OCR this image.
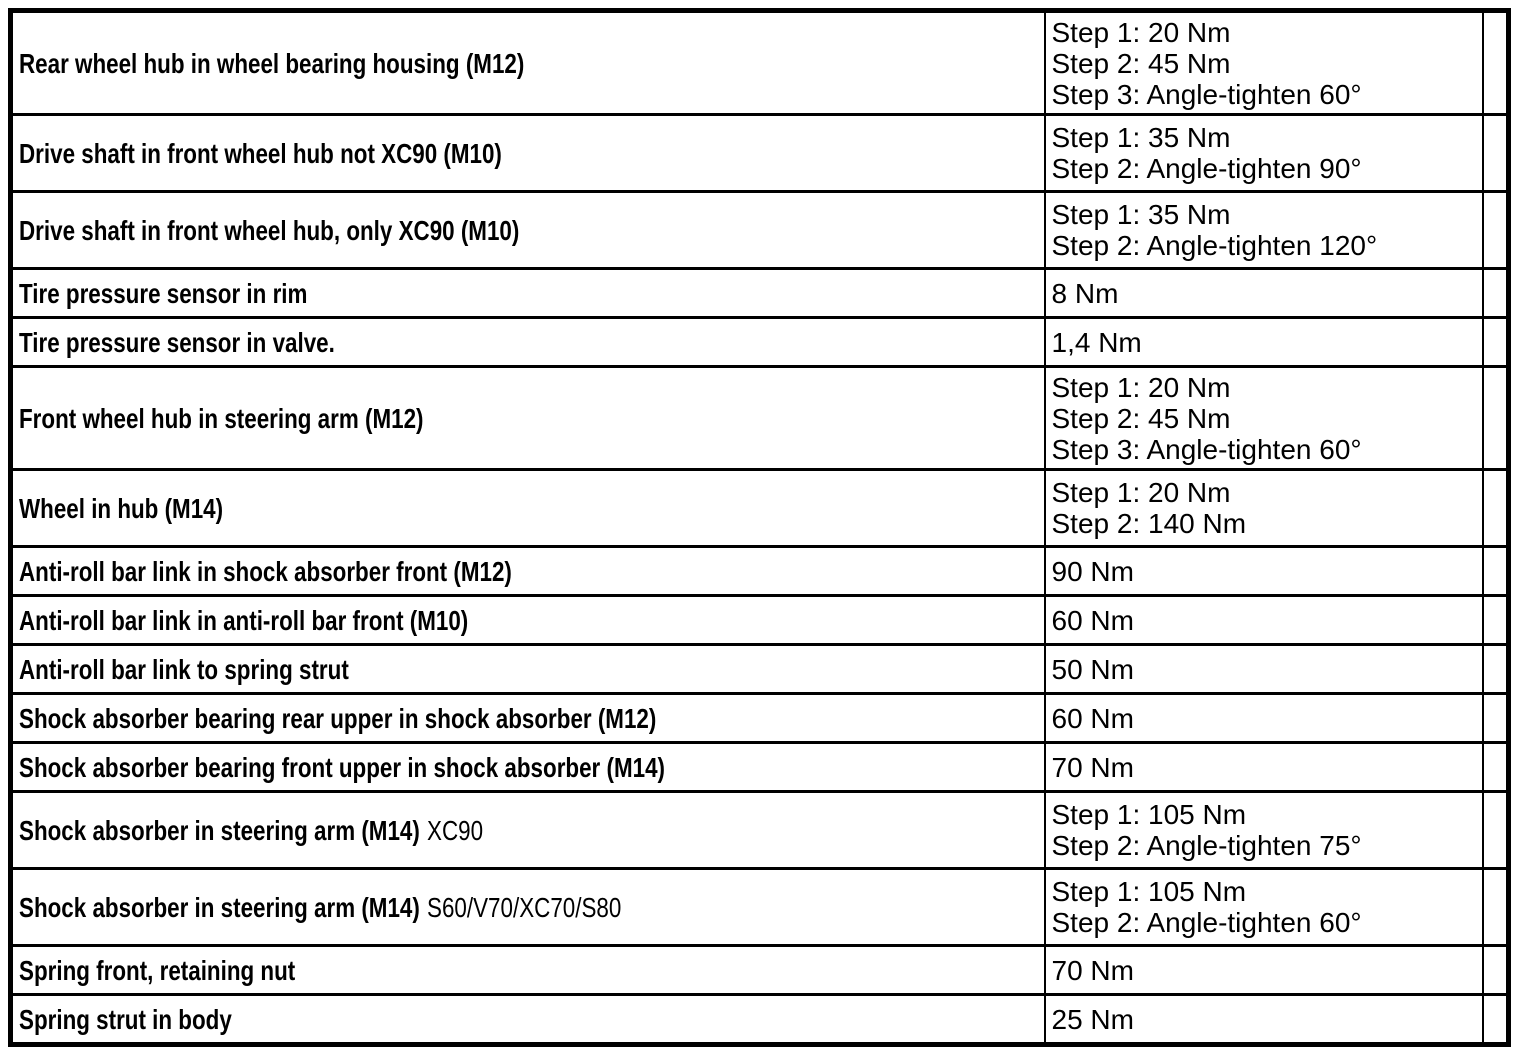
Rear wheel hub in wheel bearing housing (M12)	Step 1: 20 Nm
Step 2: 45 Nm
Step 3: Angle-tighten 60°	

Drive shaft in front wheel hub not XC90 (M10)	Step 1: 35 Nm
Step 2: Angle-tighten 90°	

Drive shaft in front wheel hub, only XC90 (M10)	Step 1: 35 Nm
Step 2: Angle-tighten 120°	

Tire pressure sensor in rim	8 Nm	

Tire pressure sensor in valve.	1,4 Nm	

Front wheel hub in steering arm (M12)	Step 1: 20 Nm
Step 2: 45 Nm
Step 3: Angle-tighten 60°	

Wheel in hub (M14)	Step 1: 20 Nm
Step 2: 140 Nm	

Anti-roll bar link in shock absorber front (M12)	90 Nm	

Anti-roll bar link in anti-roll bar front (M10)	60 Nm	

Anti-roll bar link to spring strut	50 Nm	

Shock absorber bearing rear upper in shock absorber (M12)	60 Nm	

Shock absorber bearing front upper in shock absorber (M14)	70 Nm	

Shock absorber in steering arm (M14) XC90	Step 1: 105 Nm
Step 2: Angle-tighten 75°	

Shock absorber in steering arm (M14) S60/V70/XC70/S80	Step 1: 105 Nm
Step 2: Angle-tighten 60°	

Spring front, retaining nut	70 Nm	

Spring strut in body	25 Nm	
